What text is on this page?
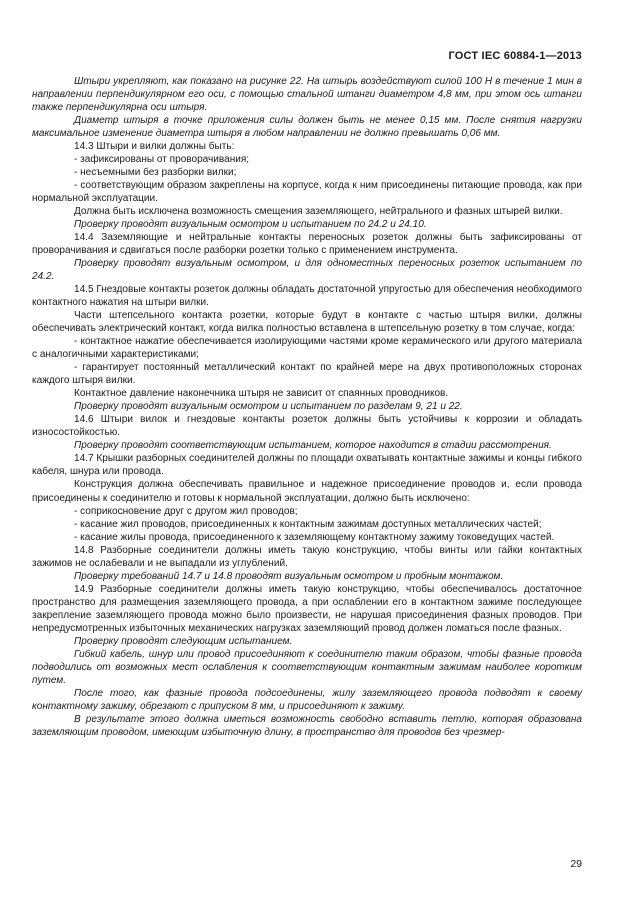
ГОСТ IEC 60884-1—2013

Штыри укрепляют, как показано на рисунке 22. На штырь воздействуют силой 100 Н в течение 1 мин в направлении перпендикулярном его оси, с помощью стальной штанги диаметром 4,8 мм, при этом ось штанги также перпендикулярна оси штыря.

Диаметр штыря в точке приложения силы должен быть не менее 0,15 мм. После снятия нагрузки максимальное изменение диаметра штыря в любом направлении не должно превышать 0,06 мм.

14.3 Штыри и вилки должны быть:

- зафиксированы от проворачивания;

- несъемными без разборки вилки;

- соответствующим образом закреплены на корпусе, когда к ним присоединены питающие провода, как при нормальной эксплуатации.

Должна быть исключена возможность смещения заземляющего, нейтрального и фазных штырей вилки.

Проверку проводят визуальным осмотром и испытанием по 24.2 и 24.10.

14.4 Заземляющие и нейтральные контакты переносных розеток должны быть зафиксированы от проворачивания и сдвигаться после разборки розетки только с применением инструмента.

Проверку проводят визуальным осмотром, и для одноместных переносных розеток испытанием по 24.2.

14.5 Гнездовые контакты розеток должны обладать достаточной упругостью для обеспечения необходимого контактного нажатия на штыри вилки.

Части штепсельного контакта розетки, которые будут в контакте с частью штыря вилки, должны обеспечивать электрический контакт, когда вилка полностью вставлена в штепсельную розетку в том случае, когда:

- контактное нажатие обеспечивается изолирующими частями кроме керамического или другого материала с аналогичными характеристиками;

- гарантирует постоянный металлический контакт по крайней мере на двух противоположных сторонах каждого штыря вилки.

Контактное давление наконечника штыря не зависит от спаянных проводников.

Проверку проводят визуальным осмотром и испытанием по разделам 9, 21 и 22.

14.6 Штыри вилок и гнездовые контакты розеток должны быть устойчивы к коррозии и обладать износостойкостью.

Проверку проводят соответствующим испытанием, которое находится в стадии рассмотрения.

14.7 Крышки разборных соединителей должны по площади охватывать контактные зажимы и концы гибкого кабеля, шнура или провода.

Конструкция должна обеспечивать правильное и надежное присоединение проводов и, если провода присоединены к соединителю и готовы к нормальной эксплуатации, должно быть исключено:

- соприкосновение друг с другом жил проводов;

- касание жил проводов, присоединенных к контактным зажимам доступных металлических частей;

- касание жилы провода, присоединенного к заземляющему контактному зажиму токоведущих частей.

14.8 Разборные соединители должны иметь такую конструкцию, чтобы винты или гайки контактных зажимов не ослабевали и не выпадали из углублений.

Проверку требований 14.7 и 14.8 проводят визуальным осмотром и пробным монтажом.

14.9 Разборные соединители должны иметь такую конструкцию, чтобы обеспечивалось достаточное пространство для размещения заземляющего провода, а при ослаблении его в контактном зажиме последующее закрепление заземляющего провода можно было произвести, не нарушая присоединения фазных проводов. При непредусмотренных избыточных механических нагрузках заземляющий провод должен ломаться после фазных.

Проверку проводят следующим испытанием.

Гибкий кабель, шнур или провод присоединяют к соединителю таким образом, чтобы фазные провода подводились от возможных мест ослабления к соответствующим контактным зажимам наиболее коротким путем.

После того, как фазные провода подсоединены, жилу заземляющего провода подводят к своему контактному зажиму, обрезают с припуском 8 мм, и присоединяют к зажиму.

В результате этого должна иметься возможность свободно вставить петлю, которая образована заземляющим проводом, имеющим избыточную длину, в пространство для проводов без чрезмер-

29
